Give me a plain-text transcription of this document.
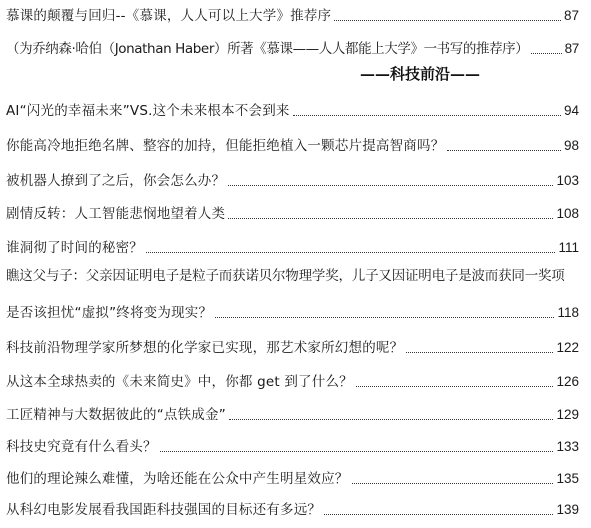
慕课的颠覆与回归--《慕课，人人可以上大学》推荐序	87
（为乔纳森·哈伯（Jonathan Haber）所著《慕课——人人都能上大学》一书写的推荐序）	87
——科技前沿——
AI“闪光的幸福未来”VS.这个未来根本不会到来	94
你能高冷地拒绝名牌、整容的加持，但能拒绝植入一颗芯片提高智商吗？	98
被机器人撩到了之后，你会怎么办？	103
剧情反转：人工智能悲悯地望着人类	108
谁洞彻了时间的秘密？	111
瞧这父与子：父亲因证明电子是粒子而获诺贝尔物理学奖，儿子又因证明电子是波而获同一奖项
是否该担忧“虚拟”终将变为现实？	118
科技前沿物理学家所梦想的化学家已实现，那艺术家所幻想的呢？	122
从这本全球热卖的《未来简史》中，你都 get 到了什么？	126
工匠精神与大数据彼此的“点铁成金”	129
科技史究竟有什么看头？	133
他们的理论辣么难懂，为啥还能在公众中产生明星效应？	135
从科幻电影发展看我国距科技强国的目标还有多远？	139
